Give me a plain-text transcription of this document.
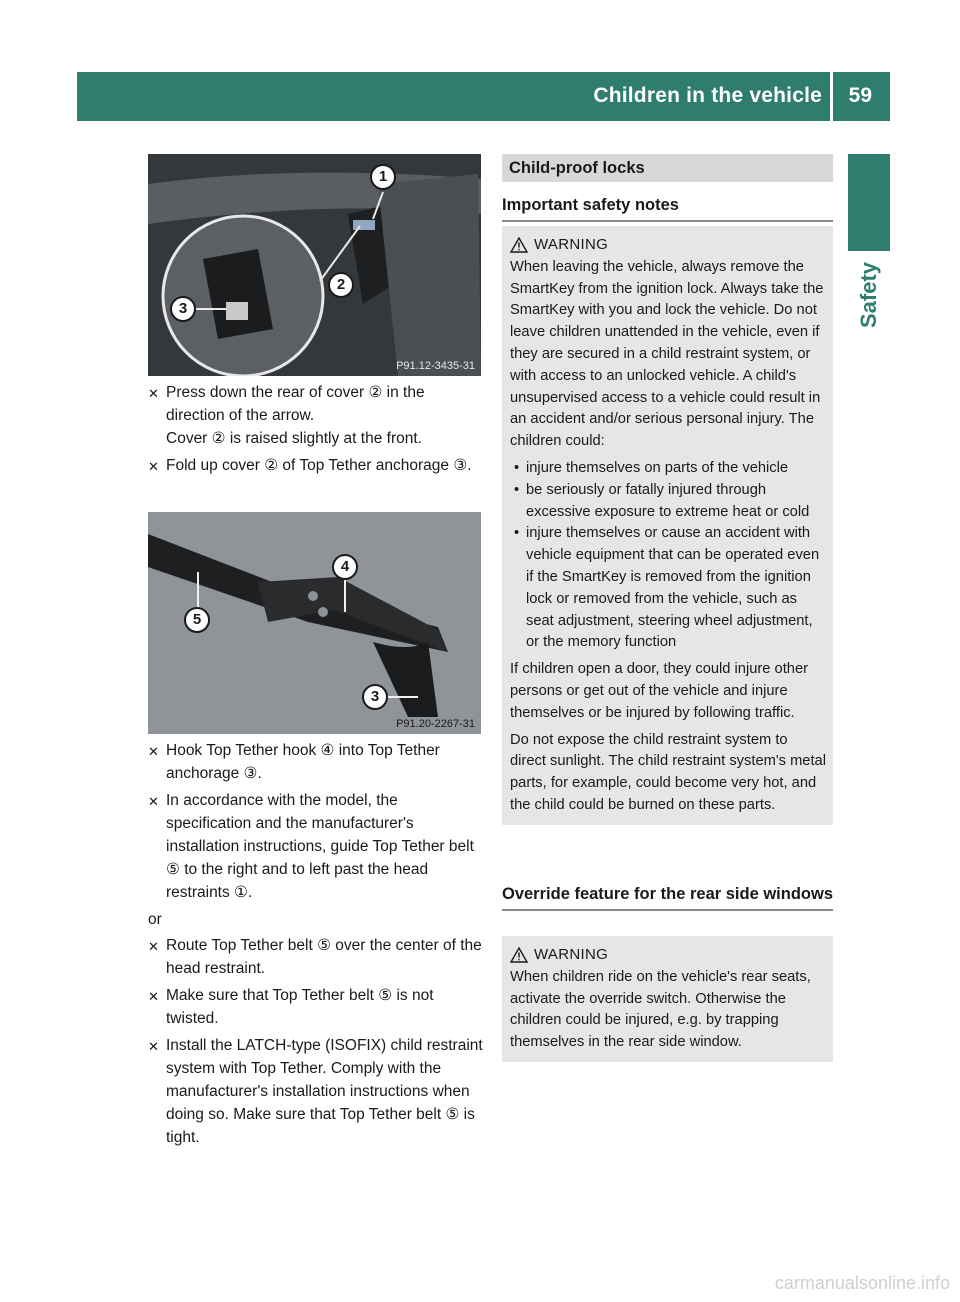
Children in the vehicle 59
Safety
1
2
3
P91.12-3435-31
✕ Press down the rear of cover ② in the direction of the arrow.
Cover ② is raised slightly at the front.
✕ Fold up cover ② of Top Tether anchorage ③.
4
5
3
P91.20-2267-31
✕ Hook Top Tether hook ④ into Top Tether anchorage ③.
✕ In accordance with the model, the specification and the manufacturer's installation instructions, guide Top Tether belt ⑤ to the right and to left past the head restraints ①.
or
✕ Route Top Tether belt ⑤ over the center of the head restraint.
✕ Make sure that Top Tether belt ⑤ is not twisted.
✕ Install the LATCH-type (ISOFIX) child restraint system with Top Tether. Comply with the manufacturer's installation instructions when doing so. Make sure that Top Tether belt ⑤ is tight.
Child-proof locks
Important safety notes
WARNING
When leaving the vehicle, always remove the SmartKey from the ignition lock. Always take the SmartKey with you and lock the vehicle. Do not leave children unattended in the vehicle, even if they are secured in a child restraint system, or with access to an unlocked vehicle. A child's unsupervised access to a vehicle could result in an accident and/or serious personal injury. The children could:
• injure themselves on parts of the vehicle
• be seriously or fatally injured through excessive exposure to extreme heat or cold
• injure themselves or cause an accident with vehicle equipment that can be operated even if the SmartKey is removed from the ignition lock or removed from the vehicle, such as seat adjustment, steering wheel adjustment, or the memory function
If children open a door, they could injure other persons or get out of the vehicle and injure themselves or be injured by following traffic.
Do not expose the child restraint system to direct sunlight. The child restraint system's metal parts, for example, could become very hot, and the child could be burned on these parts.
Override feature for the rear side windows
WARNING
When children ride on the vehicle's rear seats, activate the override switch. Otherwise the children could be injured, e.g. by trapping themselves in the rear side window.
carmanualsonline.info
